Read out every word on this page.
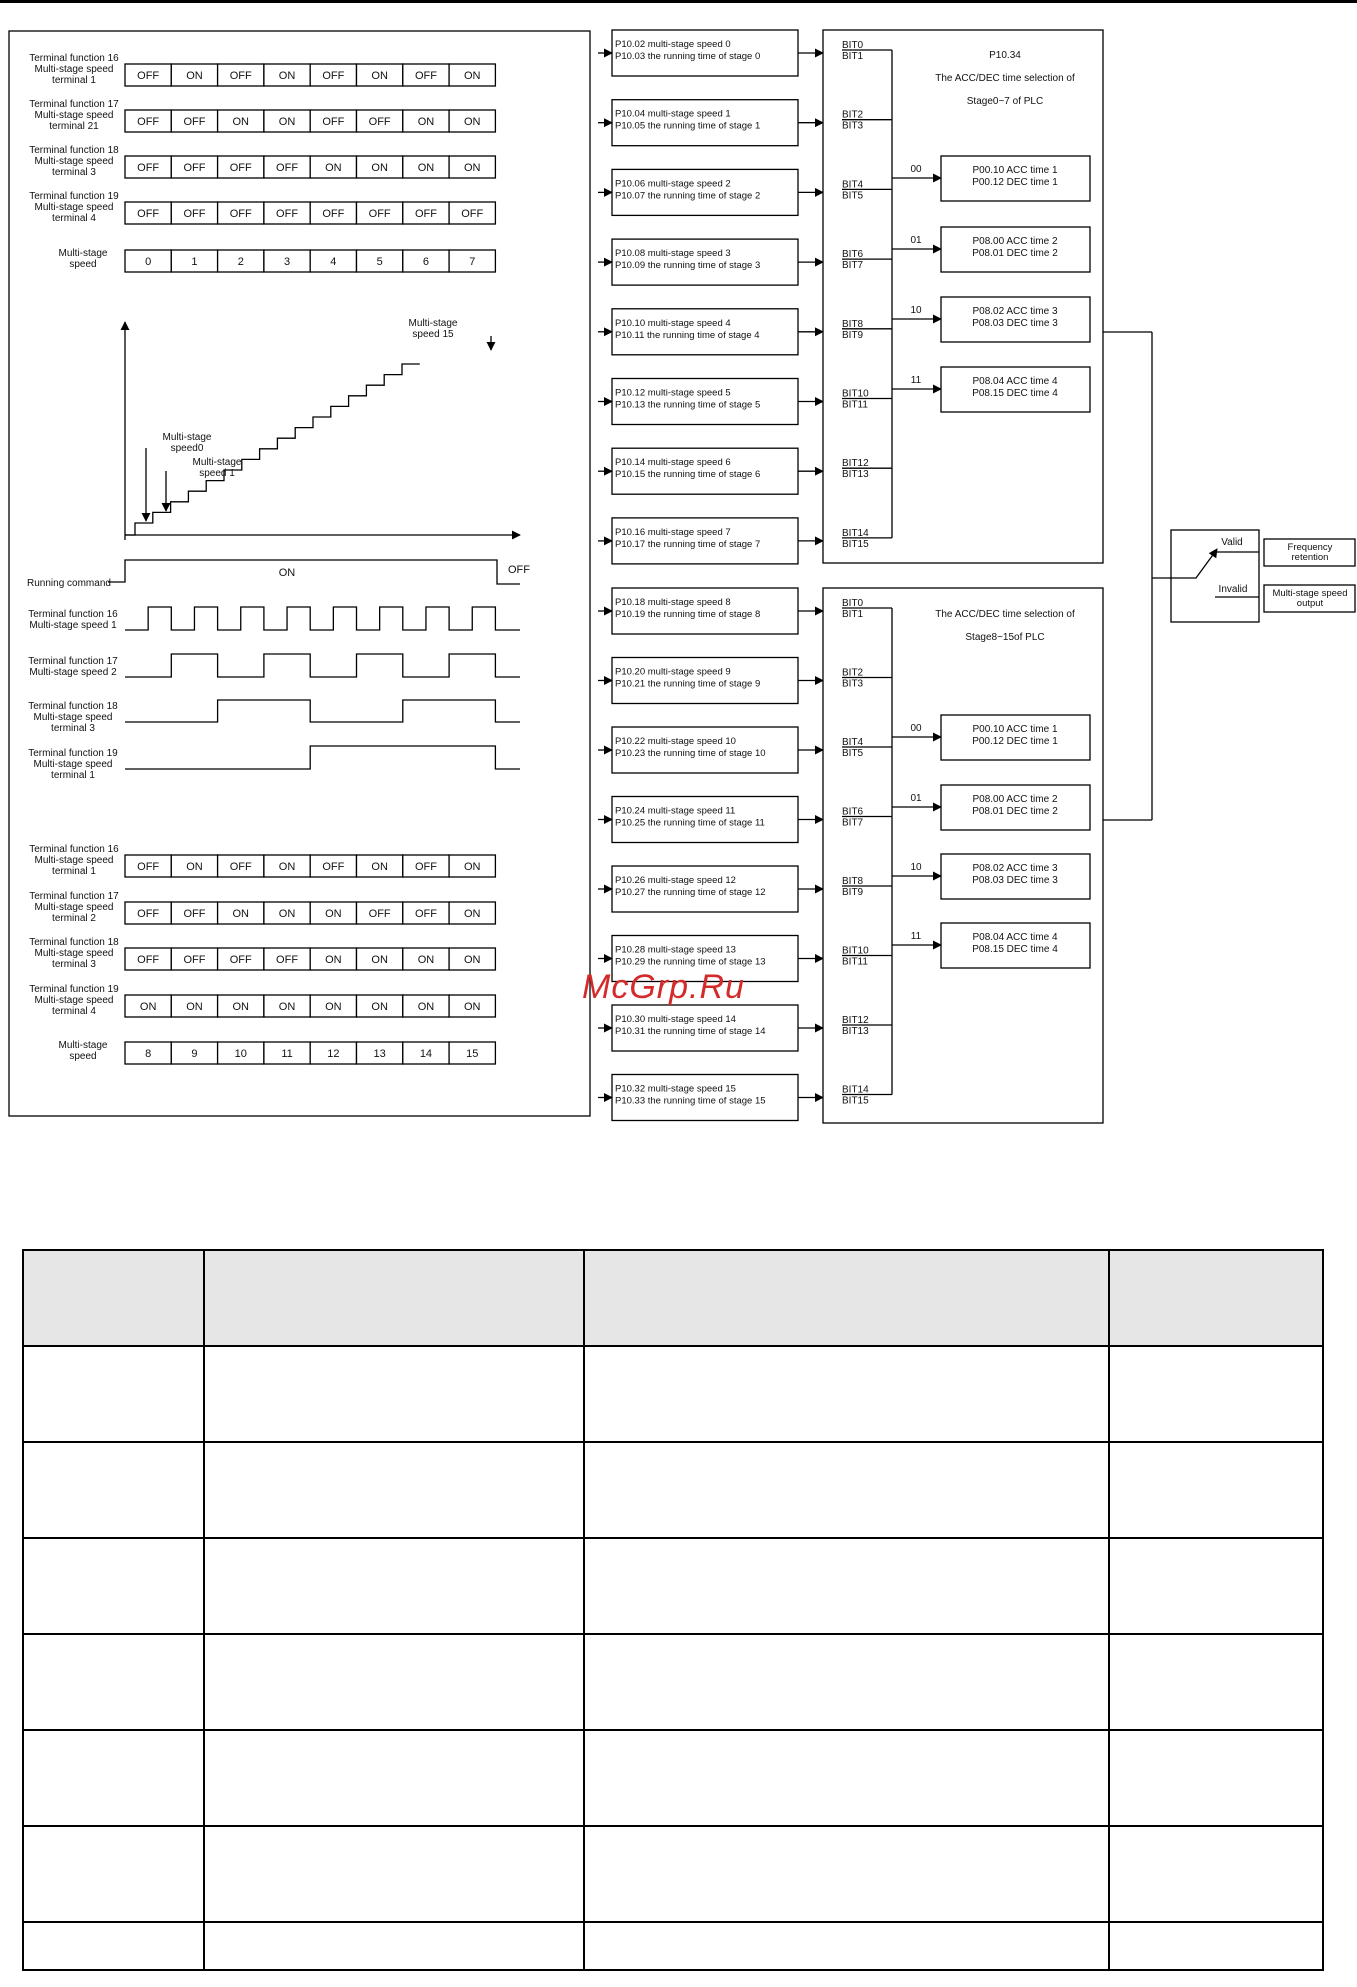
Terminal function 16
Multi-stage speed
terminal 1	OFF ON OFF ON OFF ON OFF ON
Terminal function 17
Multi-stage speed
terminal 21	OFF OFF ON	ON OFF OFF ON	ON
Terminal function 18
Multi-stage speed
terminal 3	OFF OFF OFF OFF ON	ON	ON	ON
Terminal function 19
Multi-stage speed
terminal 4	OFF OFF OFF OFF OFF OFF OFF OFF
Multi-stage
speed	0	1	2	3	4	5	6	7
Terminal function 16
Multi-stage speed
terminal 1	OFF ON OFF ON OFF ON OFF ON
Terminal function 17
Multi-stage speed
terminal 2	OFF OFF ON	ON	ON OFF OFF ON
Terminal function 18
Multi-stage speed
terminal 3	OFF OFF OFF OFF ON	ON	ON	ON
Terminal function 19
Multi-stage speed
terminal 4	ON	ON	ON	ON	ON	ON	ON	ON
Multi-stage
speed	8	9	10	11	12	13	14	15
Multi-stage
speed 15
Multi-stage
speed0
Multi-stage
speed 1
Running command
ON	OFF
Terminal function 16
Multi-stage speed 1
Terminal function 17
Multi-stage speed 2
Terminal function 18
Multi-stage speed
terminal 3
Terminal function 19
Multi-stage speed
terminal 1
P10.02 multi-stage speed 0
P10.03 the running time of stage 0
P10.04 multi-stage speed 1
P10.05 the running time of stage 1
P10.06 multi-stage speed 2
P10.07 the running time of stage 2
P10.08 multi-stage speed 3
P10.09 the running time of stage 3
P10.10 multi-stage speed 4
P10.11 the running time of stage 4
P10.12 multi-stage speed 5
P10.13 the running time of stage 5
P10.14 multi-stage speed 6
P10.15 the running time of stage 6
P10.16 multi-stage speed 7
P10.17 the running time of stage 7
P10.18 multi-stage speed 8
P10.19 the running time of stage 8
P10.20 multi-stage speed 9
P10.21 the running time of stage 9
P10.22 multi-stage speed 10
P10.23 the running time of stage 10
P10.24 multi-stage speed 11
P10.25 the running time of stage 11
P10.26 multi-stage speed 12
P10.27 the running time of stage 12
P10.28 multi-stage speed 13
P10.29 the running time of stage 13
P10.30 multi-stage speed 14
P10.31 the running time of stage 14
P10.32 multi-stage speed 15
P10.33 the running time of stage 15
P10.34
The ACC/DEC time selection of
Stage0~7 of PLC
BIT0
BIT1
BIT2
BIT3
BIT4
BIT5
BIT6
BIT7
BIT8
BIT9
BIT10
BIT11
BIT12
BIT13
BIT14
BIT15
00	P00.10 ACC time 1
P00.12 DEC time 1
01	P08.00 ACC time 2
P08.01 DEC time 2
10	P08.02 ACC time 3
P08.03 DEC time 3
11	P08.04 ACC time 4
P08.15 DEC time 4
The ACC/DEC time selection of
Stage8~15of PLC
BIT0
BIT1
BIT2
BIT3
BIT4
BIT5
BIT6
BIT7
BIT8
BIT9
BIT10
BIT11
BIT12
BIT13
BIT14
BIT15
00	P00.10 ACC time 1
P00.12 DEC time 1
01	P08.00 ACC time 2
P08.01 DEC time 2
10	P08.02 ACC time 3
P08.03 DEC time 3
11	P08.04 ACC time 4
P08.15 DEC time 4
Valid
Invalid
Frequency
retention
Multi-stage speed
output
McGrp.Ru
